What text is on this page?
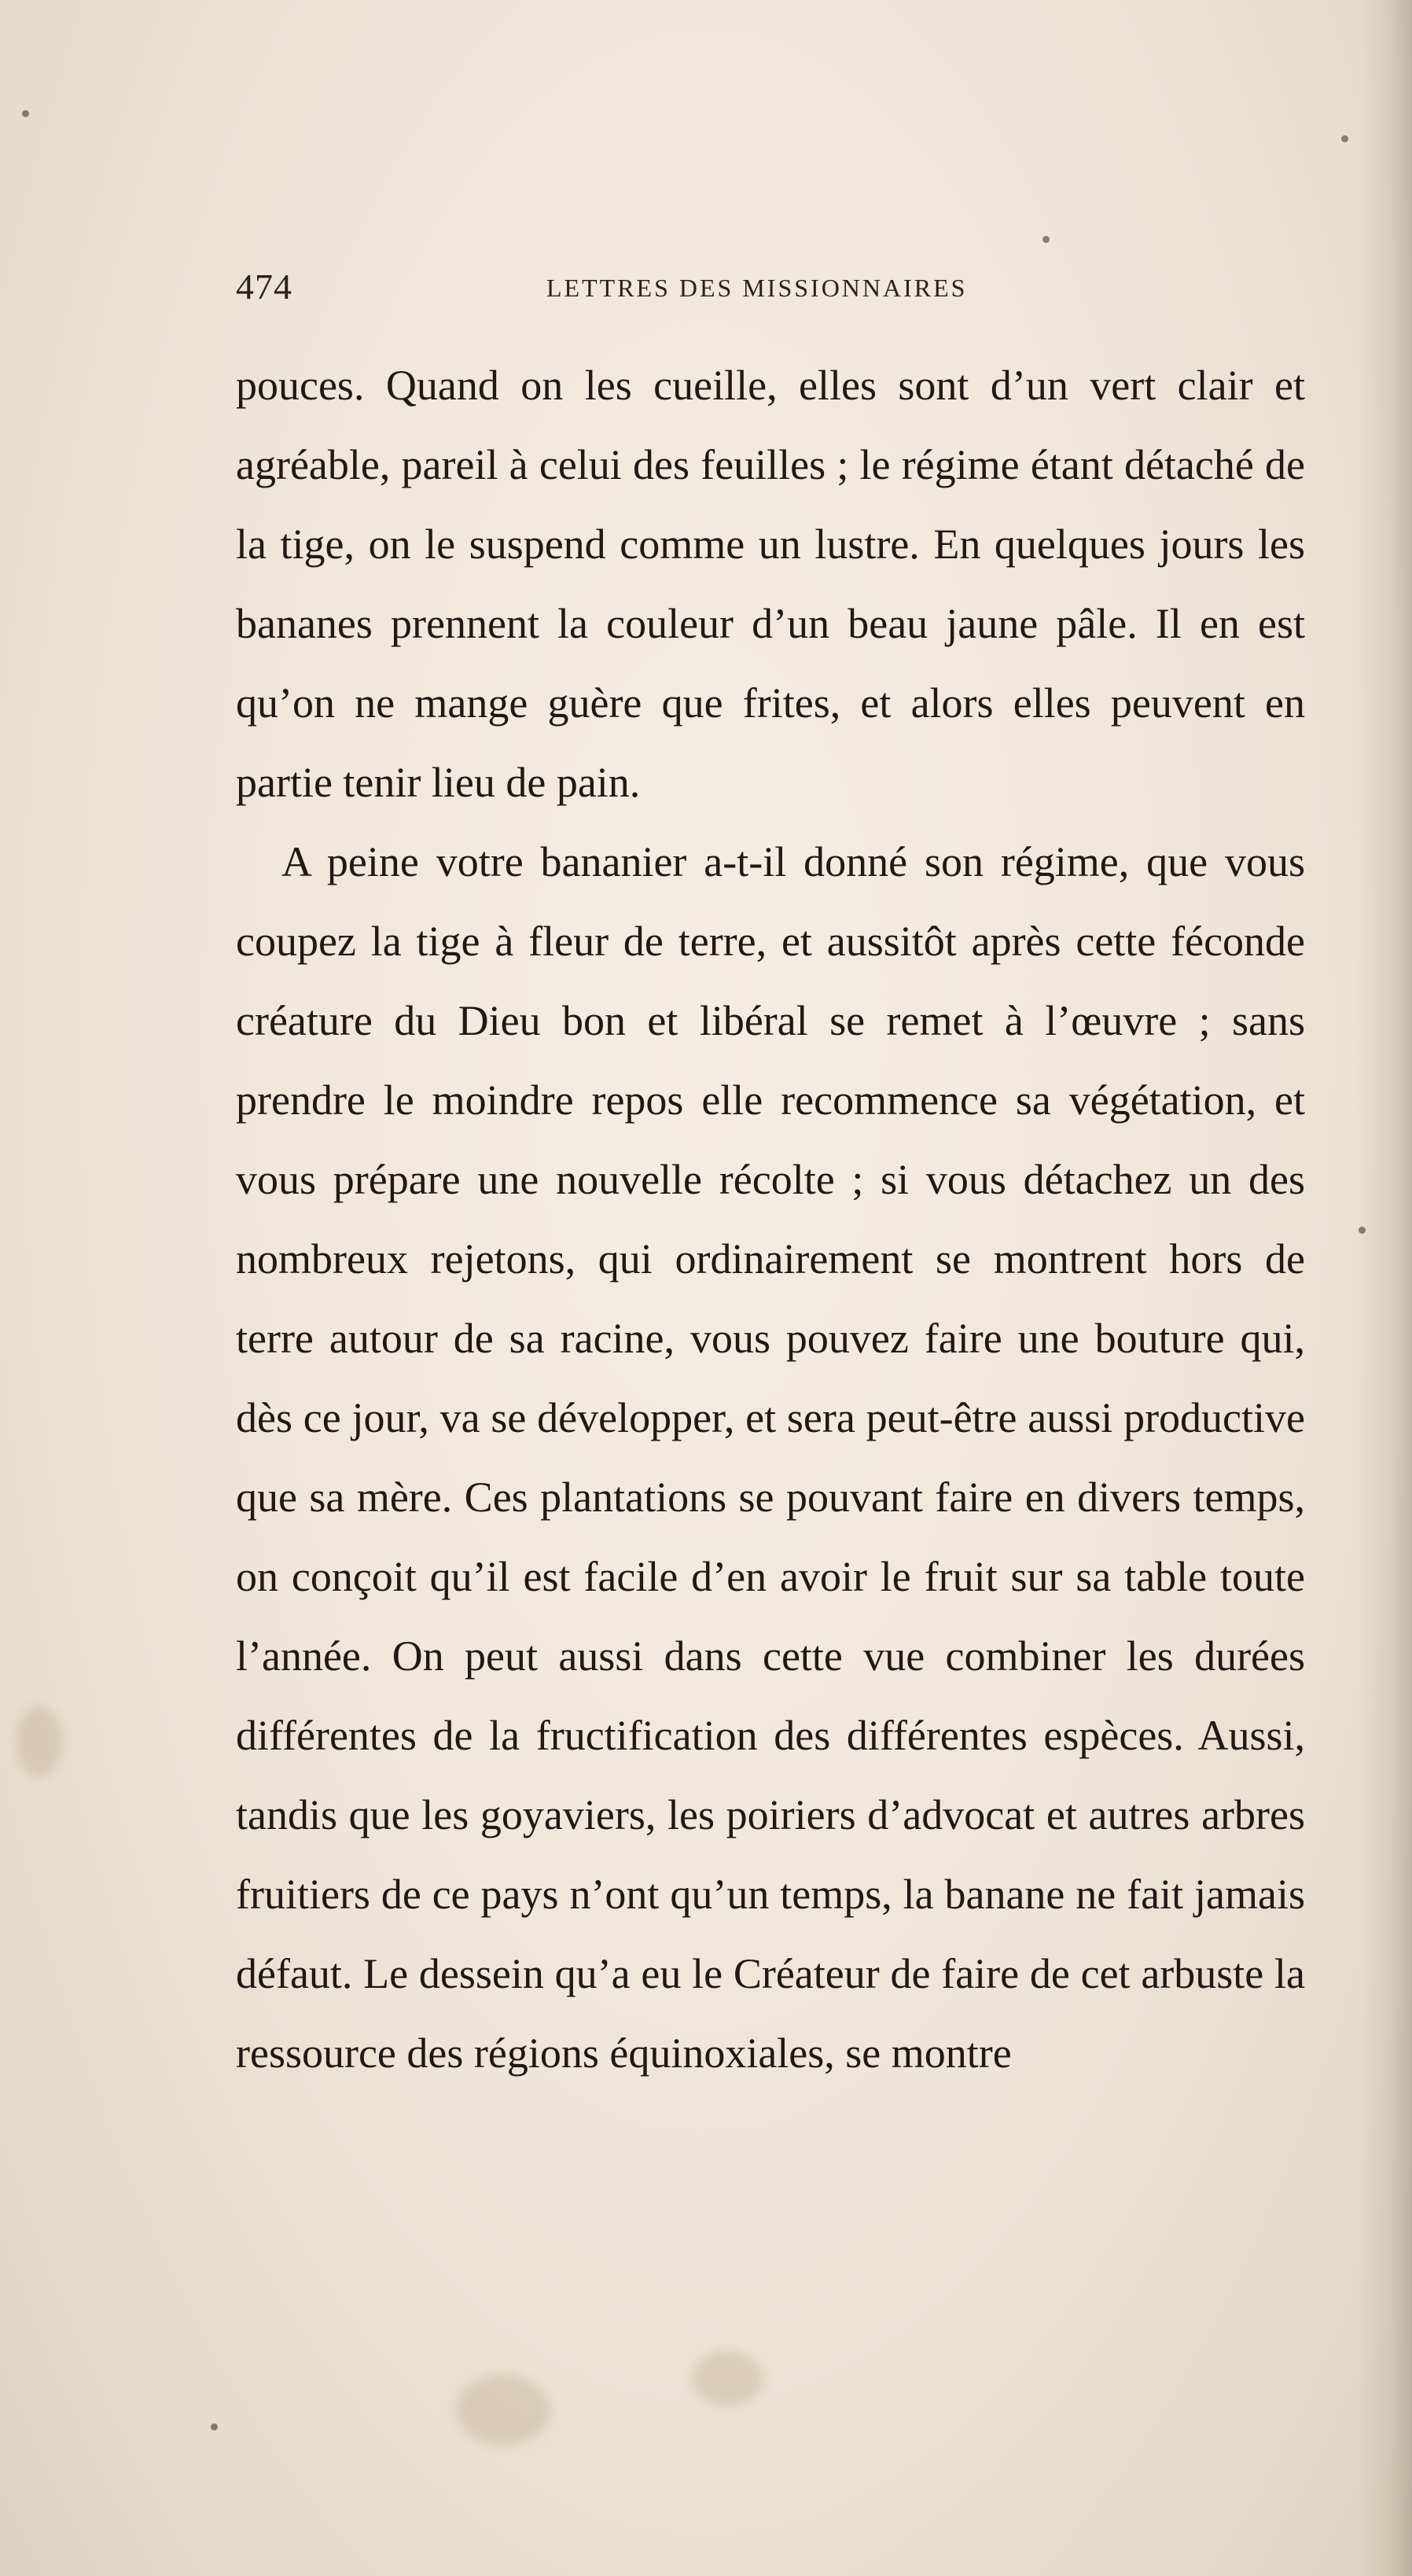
474	LETTRES DES MISSIONNAIRES

pouces. Quand on les cueille, elles sont d’un vert clair et agréable, pareil à celui des feuilles ; le régime étant détaché de la tige, on le suspend comme un lustre. En quelques jours les bananes prennent la couleur d’un beau jaune pâle. Il en est qu’on ne mange guère que frites, et alors elles peuvent en partie tenir lieu de pain.

A peine votre bananier a-t-il donné son régime, que vous coupez la tige à fleur de terre, et aussitôt après cette féconde créature du Dieu bon et libéral se remet à l’œuvre ; sans prendre le moindre repos elle recommence sa végétation, et vous prépare une nouvelle récolte ; si vous détachez un des nombreux rejetons, qui ordinairement se montrent hors de terre autour de sa racine, vous pouvez faire une bouture qui, dès ce jour, va se développer, et sera peut-être aussi productive que sa mère. Ces plantations se pouvant faire en divers temps, on conçoit qu’il est facile d’en avoir le fruit sur sa table toute l’année. On peut aussi dans cette vue combiner les durées différentes de la fructification des différentes espèces. Aussi, tandis que les goyaviers, les poiriers d’advocat et autres arbres fruitiers de ce pays n’ont qu’un temps, la banane ne fait jamais défaut. Le dessein qu’a eu le Créateur de faire de cet arbuste la ressource des régions équinoxiales, se montre
